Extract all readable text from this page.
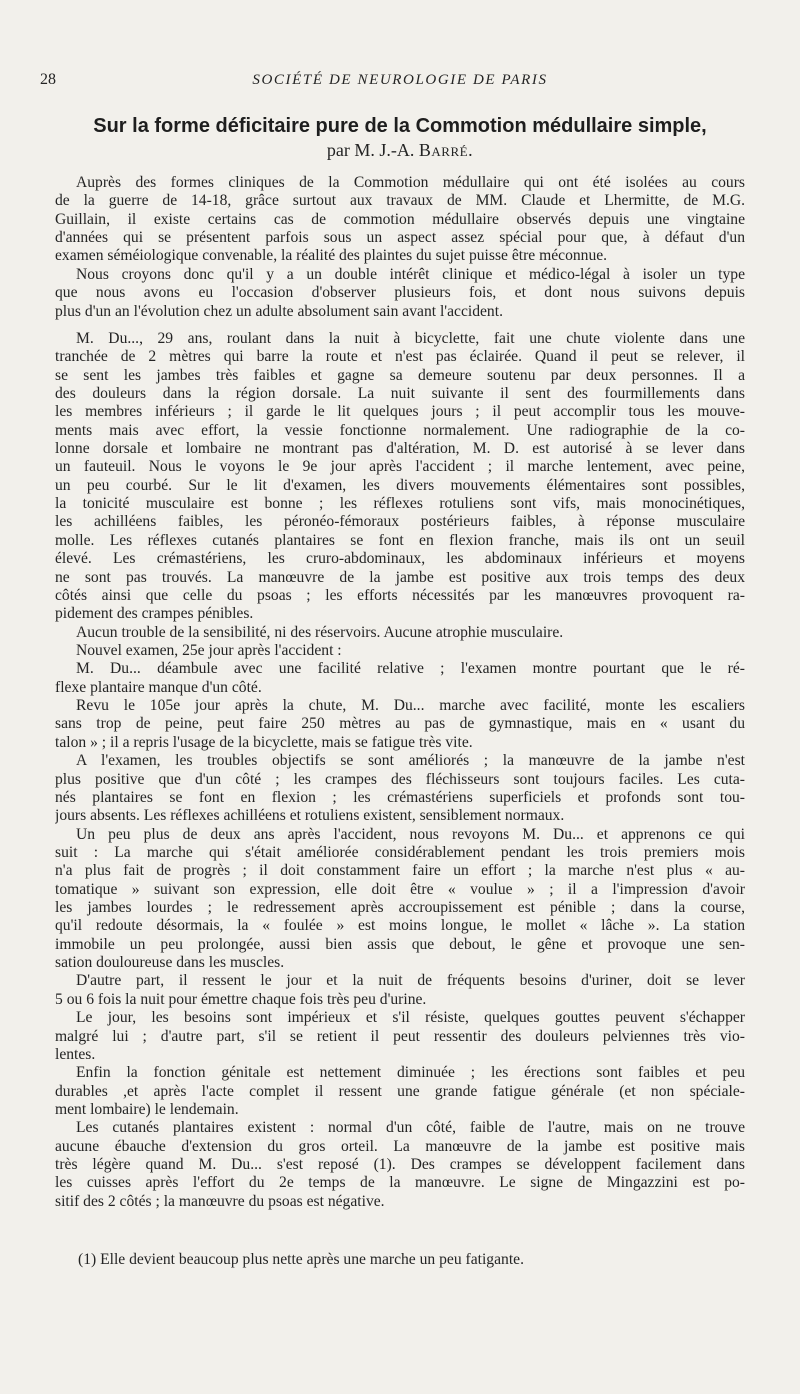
28	SOCIÉTÉ DE NEUROLOGIE DE PARIS
Sur la forme déficitaire pure de la Commotion médullaire simple,
par M. J.-A. Barré.
Auprès des formes cliniques de la Commotion médullaire qui ont été isolées au cours
de la guerre de 14-18, grâce surtout aux travaux de MM. Claude et Lhermitte, de M.G.
Guillain, il existe certains cas de commotion médullaire observés depuis une vingtaine
d'années qui se présentent parfois sous un aspect assez spécial pour que, à défaut d'un
examen séméiologique convenable, la réalité des plaintes du sujet puisse être méconnue.
Nous croyons donc qu'il y a un double intérêt clinique et médico-légal à isoler un type
que nous avons eu l'occasion d'observer plusieurs fois, et dont nous suivons depuis
plus d'un an l'évolution chez un adulte absolument sain avant l'accident.
M. Du..., 29 ans, roulant dans la nuit à bicyclette, fait une chute violente dans une
tranchée de 2 mètres qui barre la route et n'est pas éclairée. Quand il peut se relever, il
se sent les jambes très faibles et gagne sa demeure soutenu par deux personnes. Il a
des douleurs dans la région dorsale. La nuit suivante il sent des fourmillements dans
les membres inférieurs ; il garde le lit quelques jours ; il peut accomplir tous les mouve-
ments mais avec effort, la vessie fonctionne normalement. Une radiographie de la co-
lonne dorsale et lombaire ne montrant pas d'altération, M. D. est autorisé à se lever dans
un fauteuil. Nous le voyons le 9e jour après l'accident ; il marche lentement, avec peine,
un peu courbé. Sur le lit d'examen, les divers mouvements élémentaires sont possibles,
la tonicité musculaire est bonne ; les réflexes rotuliens sont vifs, mais monocinétiques,
les achilléens faibles, les péronéo-fémoraux postérieurs faibles, à réponse musculaire
molle. Les réflexes cutanés plantaires se font en flexion franche, mais ils ont un seuil
élevé. Les crémastériens, les cruro-abdominaux, les abdominaux inférieurs et moyens
ne sont pas trouvés. La manœuvre de la jambe est positive aux trois temps des deux
côtés ainsi que celle du psoas ; les efforts nécessités par les manœuvres provoquent ra-
pidement des crampes pénibles.
Aucun trouble de la sensibilité, ni des réservoirs. Aucune atrophie musculaire.
Nouvel examen, 25e jour après l'accident :
M. Du... déambule avec une facilité relative ; l'examen montre pourtant que le ré-
flexe plantaire manque d'un côté.
Revu le 105e jour après la chute, M. Du... marche avec facilité, monte les escaliers
sans trop de peine, peut faire 250 mètres au pas de gymnastique, mais en « usant du
talon » ; il a repris l'usage de la bicyclette, mais se fatigue très vite.
A l'examen, les troubles objectifs se sont améliorés ; la manœuvre de la jambe n'est
plus positive que d'un côté ; les crampes des fléchisseurs sont toujours faciles. Les cuta-
nés plantaires se font en flexion ; les crémastériens superficiels et profonds sont tou-
jours absents. Les réflexes achilléens et rotuliens existent, sensiblement normaux.
Un peu plus de deux ans après l'accident, nous revoyons M. Du... et apprenons ce qui
suit : La marche qui s'était améliorée considérablement pendant les trois premiers mois
n'a plus fait de progrès ; il doit constamment faire un effort ; la marche n'est plus « au-
tomatique » suivant son expression, elle doit être « voulue » ; il a l'impression d'avoir
les jambes lourdes ; le redressement après accroupissement est pénible ; dans la course,
qu'il redoute désormais, la « foulée » est moins longue, le mollet « lâche ». La station
immobile un peu prolongée, aussi bien assis que debout, le gêne et provoque une sen-
sation douloureuse dans les muscles.
D'autre part, il ressent le jour et la nuit de fréquents besoins d'uriner, doit se lever
5 ou 6 fois la nuit pour émettre chaque fois très peu d'urine.
Le jour, les besoins sont impérieux et s'il résiste, quelques gouttes peuvent s'échapper
malgré lui ; d'autre part, s'il se retient il peut ressentir des douleurs pelviennes très vio-
lentes.
Enfin la fonction génitale est nettement diminuée ; les érections sont faibles et peu
durables ,et après l'acte complet il ressent une grande fatigue générale (et non spéciale-
ment lombaire) le lendemain.
Les cutanés plantaires existent : normal d'un côté, faible de l'autre, mais on ne trouve
aucune ébauche d'extension du gros orteil. La manœuvre de la jambe est positive mais
très légère quand M. Du... s'est reposé (1). Des crampes se développent facilement dans
les cuisses après l'effort du 2e temps de la manœuvre. Le signe de Mingazzini est po-
sitif des 2 côtés ; la manœuvre du psoas est négative.
(1) Elle devient beaucoup plus nette après une marche un peu fatigante.
